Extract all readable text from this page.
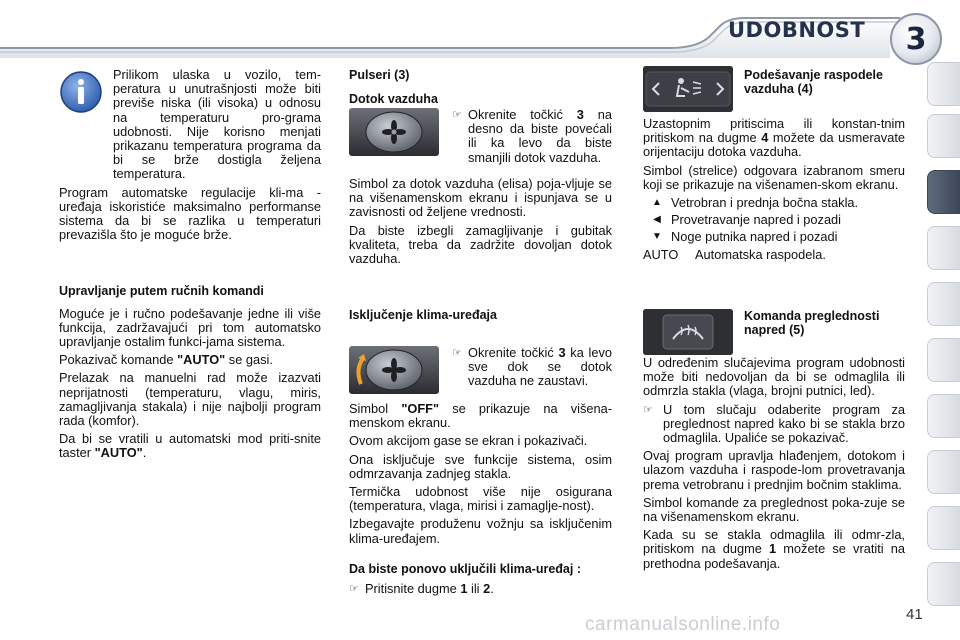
UDOBNOST	3

Prilikom ulaska u vozilo, tem-peratura u unutrašnjosti može biti previše niska (ili visoka) u odnosu na temperaturu pro-grama udobnosti. Nije korisno menjati prikazanu temperatura programa da bi se brže dostigla željena temperatura.

Program automatske regulacije kli-ma - uređaja iskoristiće maksimalno performanse sistema da bi se razlika u temperaturi prevazišla što je moguće brže.

Upravljanje putem ručnih komandi

Moguće je i ručno podešavanje jedne ili više funkcija, zadržavajući pri tom automatsko upravljanje ostalim funkci-jama sistema.

Pokazivač komande "AUTO" se gasi.

Prelazak na manuelni rad može izazvati neprijatnosti (temperaturu, vlagu, miris, zamagljivanja stakala) i nije najbolji program rada (komfor).

Da bi se vratili u automatski mod priti-snite taster "AUTO".

Pulseri (3)
Dotok vazduha
☞ Okrenite točkić 3 na desno da biste povećali ili ka levo da biste smanjili dotok vazduha.

Simbol za dotok vazduha (elisa) poja-vljuje se na višenamenskom ekranu i ispunjava se u zavisnosti od željene vrednosti.

Da biste izbegli zamagljivanje i gubitak kvaliteta, treba da zadržite dovoljan dotok vazduha.

Isključenje klima-uređaja
☞ Okrenite točkić 3 ka levo sve dok se dotok vazduha ne zaustavi.

Simbol "OFF" se prikazuje na višena-menskom ekranu.

Ovom akcijom gase se ekran i pokazivači.

Ona isključuje sve funkcije sistema, osim odmrzavanja zadnjeg stakla.

Termička udobnost više nije osigurana (temperatura, vlaga, mirisi i zamaglje-nost).

Izbegavajte produženu vožnju sa isključenim klima-uređajem.

Da biste ponovo uključili klima-uređaj :
☞ Pritisnite dugme 1 ili 2.
Podešavanje raspodele vazduha (4)

Uzastopnim pritiscima ili konstan-tnim pritiskom na dugme 4 možete da usmeravate orijentaciju dotoka vazduha.

Simbol (strelice) odgovara izabranom smeru koji se prikazuje na višenamen-skom ekranu.

▲ Vetrobran i prednja bočna stakla.
◀ Provetravanje napred i pozadi
▼ Noge putnika napred i pozadi
AUTO	Automatska raspodela.
Komanda preglednosti napred (5)

U određenim slučajevima program udobnosti može biti nedovoljan da bi se odmaglila ili odmrzla stakla (vlaga, brojni putnici, led).

☞ U tom slučaju odaberite program za preglednost napred kako bi se stakla brzo odmaglila. Upaliće se pokazivač.

Ovaj program upravlja hlađenjem, dotokom i ulazom vazduha i raspode-lom provetravanja prema vetrobranu i prednjim bočnim staklima.

Simbol komande za preglednost poka-zuje se na višenamenskom ekranu.

Kada su se stakla odmaglila ili odmr-zla, pritiskom na dugme 1 možete se vratiti na prethodna podešavanja.

carmanualsonline.info	41
